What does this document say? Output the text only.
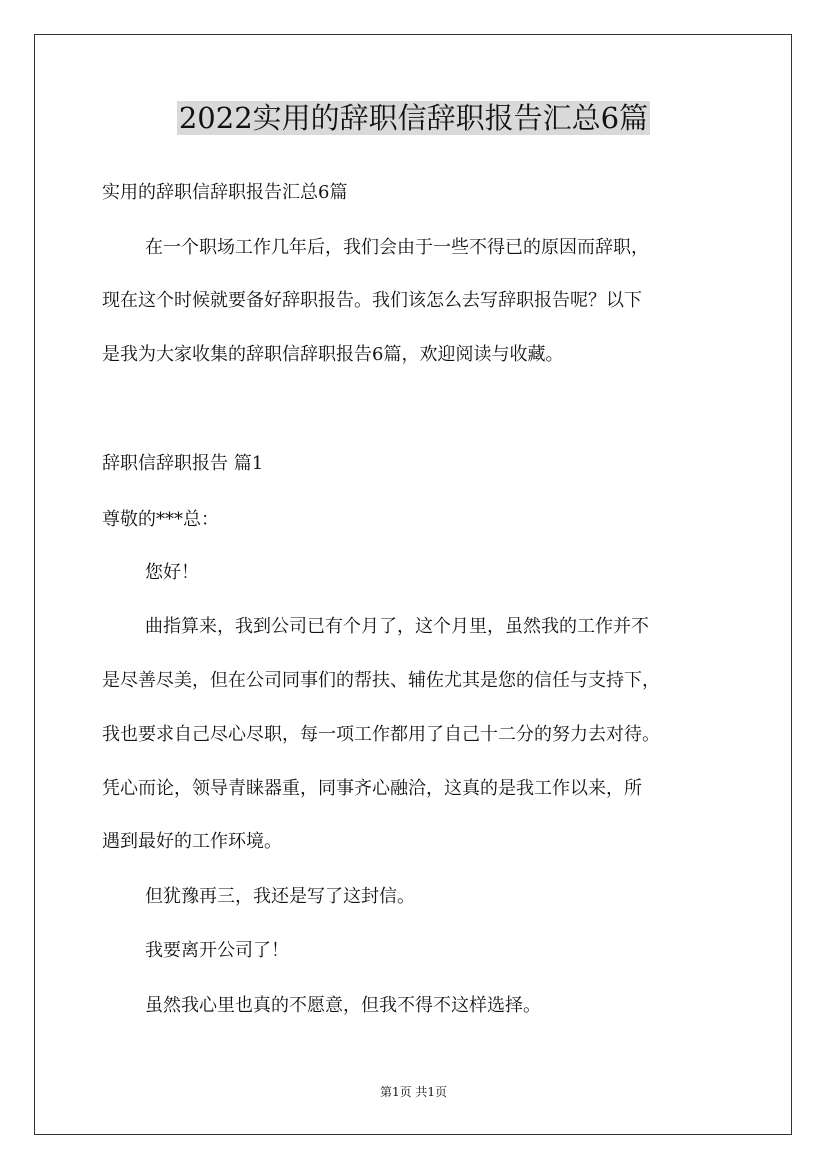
2022实用的辞职信辞职报告汇总6篇
实用的辞职信辞职报告汇总6篇
在一个职场工作几年后，我们会由于一些不得已的原因而辞职，
现在这个时候就要备好辞职报告。我们该怎么去写辞职报告呢？以下
是我为大家收集的辞职信辞职报告6篇，欢迎阅读与收藏。
辞职信辞职报告 篇1
尊敬的***总：
您好！
曲指算来，我到公司已有个月了，这个月里，虽然我的工作并不
是尽善尽美，但在公司同事们的帮扶、辅佐尤其是您的信任与支持下，
我也要求自己尽心尽职，每一项工作都用了自己十二分的努力去对待。
凭心而论，领导青睐器重，同事齐心融洽，这真的是我工作以来，所
遇到最好的工作环境。
但犹豫再三，我还是写了这封信。
我要离开公司了！
虽然我心里也真的不愿意，但我不得不这样选择。
第1页 共1页
